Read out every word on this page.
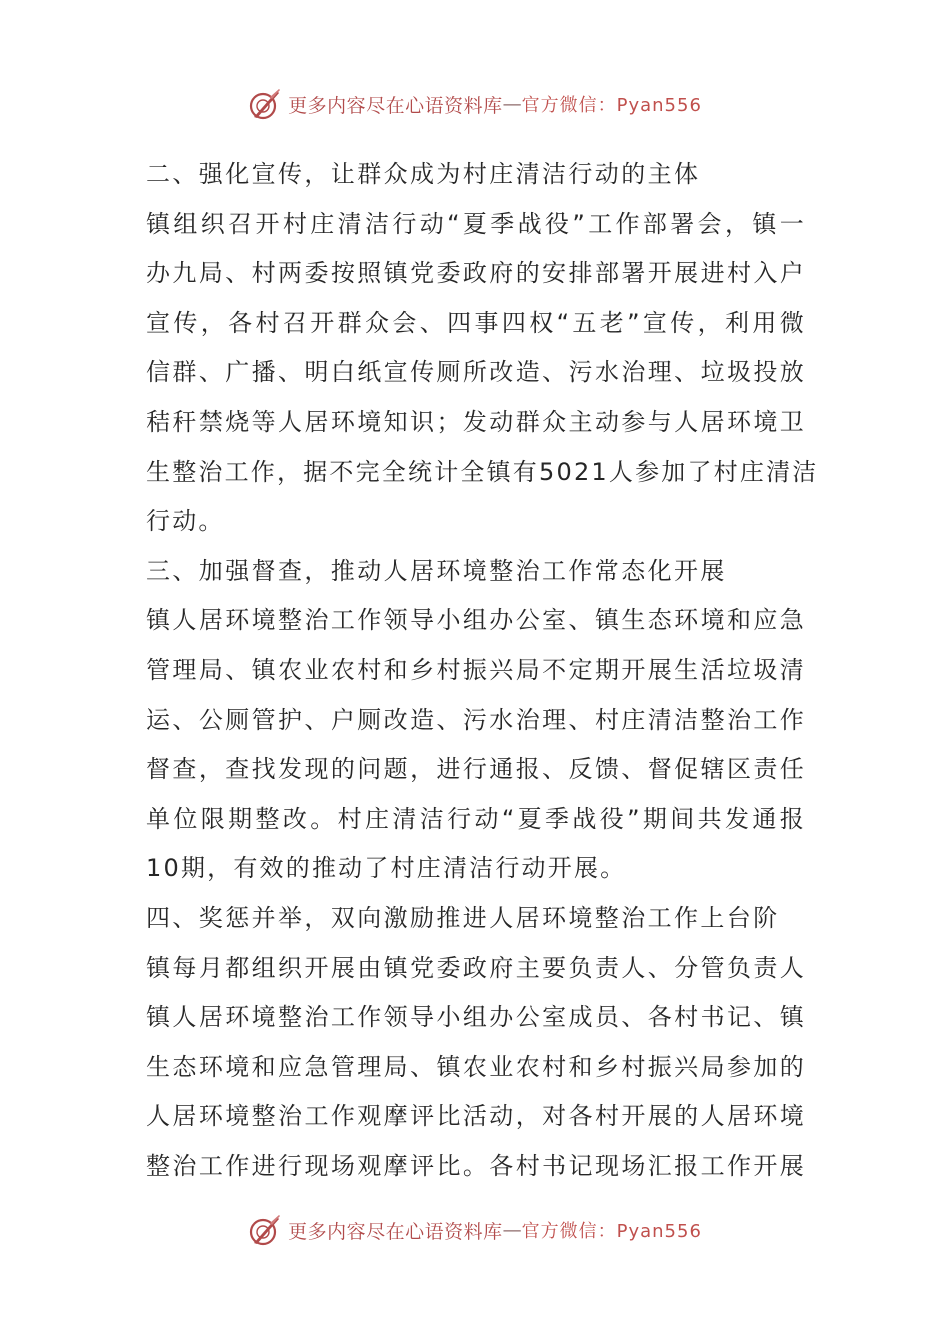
更多内容尽在心语资料库 — 官方微信：Pyan556
二、强化宣传，让群众成为村庄清洁行动的主体
镇组织召开村庄清洁行动“夏季战役”工作部署会，镇一
办九局、村两委按照镇党委政府的安排部署开展进村入户
宣传，各村召开群众会、四事四权“五老”宣传，利用微
信群、广播、明白纸宣传厕所改造、污水治理、垃圾投放
秸秆禁烧等人居环境知识；发动群众主动参与人居环境卫
生整治工作，据不完全统计全镇有5021人参加了村庄清洁
行动。
三、加强督查，推动人居环境整治工作常态化开展
镇人居环境整治工作领导小组办公室、镇生态环境和应急
管理局、镇农业农村和乡村振兴局不定期开展生活垃圾清
运、公厕管护、户厕改造、污水治理、村庄清洁整治工作
督查，查找发现的问题，进行通报、反馈、督促辖区责任
单位限期整改。村庄清洁行动“夏季战役”期间共发通报
10期，有效的推动了村庄清洁行动开展。
四、奖惩并举，双向激励推进人居环境整治工作上台阶
镇每月都组织开展由镇党委政府主要负责人、分管负责人
镇人居环境整治工作领导小组办公室成员、各村书记、镇
生态环境和应急管理局、镇农业农村和乡村振兴局参加的
人居环境整治工作观摩评比活动，对各村开展的人居环境
整治工作进行现场观摩评比。各村书记现场汇报工作开展
更多内容尽在心语资料库 — 官方微信：Pyan556
